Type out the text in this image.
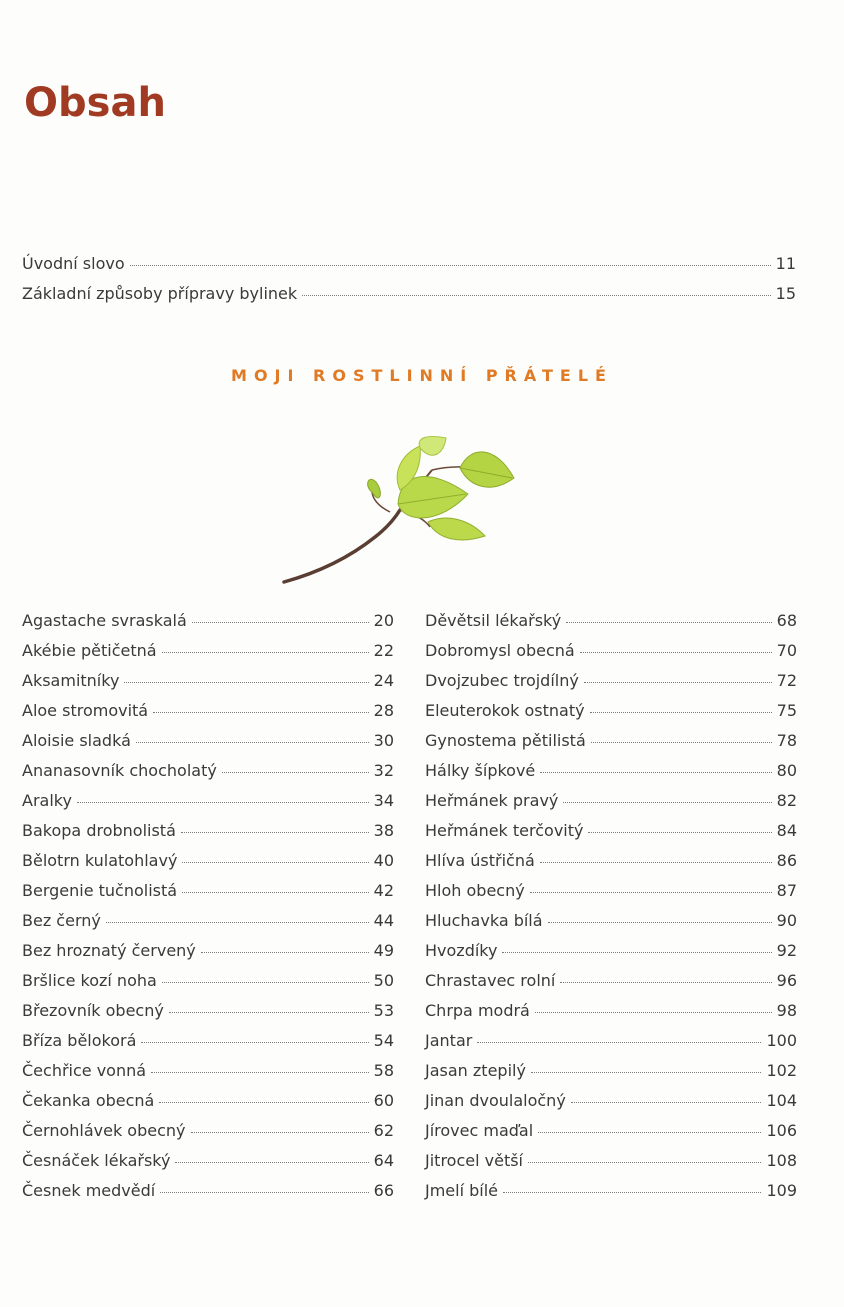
Obsah
Úvodní slovo	11
Základní způsoby přípravy bylinek	15
MOJI ROSTLINNÍ PŘÁTELÉ
Agastache svraskalá	20
Akébie pětičetná	22
Aksamitníky	24
Aloe stromovitá	28
Aloisie sladká	30
Ananasovník chocholatý	32
Aralky	34
Bakopa drobnolistá	38
Bělotrn kulatohlavý	40
Bergenie tučnolistá	42
Bez černý	44
Bez hroznatý červený	49
Bršlice kozí noha	50
Březovník obecný	53
Bříza bělokorá	54
Čechřice vonná	58
Čekanka obecná	60
Černohlávek obecný	62
Česnáček lékařský	64
Česnek medvědí	66
Děvětsil lékařský	68
Dobromysl obecná	70
Dvojzubec trojdílný	72
Eleuterokok ostnatý	75
Gynostema pětilistá	78
Hálky šípkové	80
Heřmánek pravý	82
Heřmánek terčovitý	84
Hlíva ústřičná	86
Hloh obecný	87
Hluchavka bílá	90
Hvozdíky	92
Chrastavec rolní	96
Chrpa modrá	98
Jantar	100
Jasan ztepilý	102
Jinan dvoulaločný	104
Jírovec maďal	106
Jitrocel větší	108
Jmelí bílé	109
